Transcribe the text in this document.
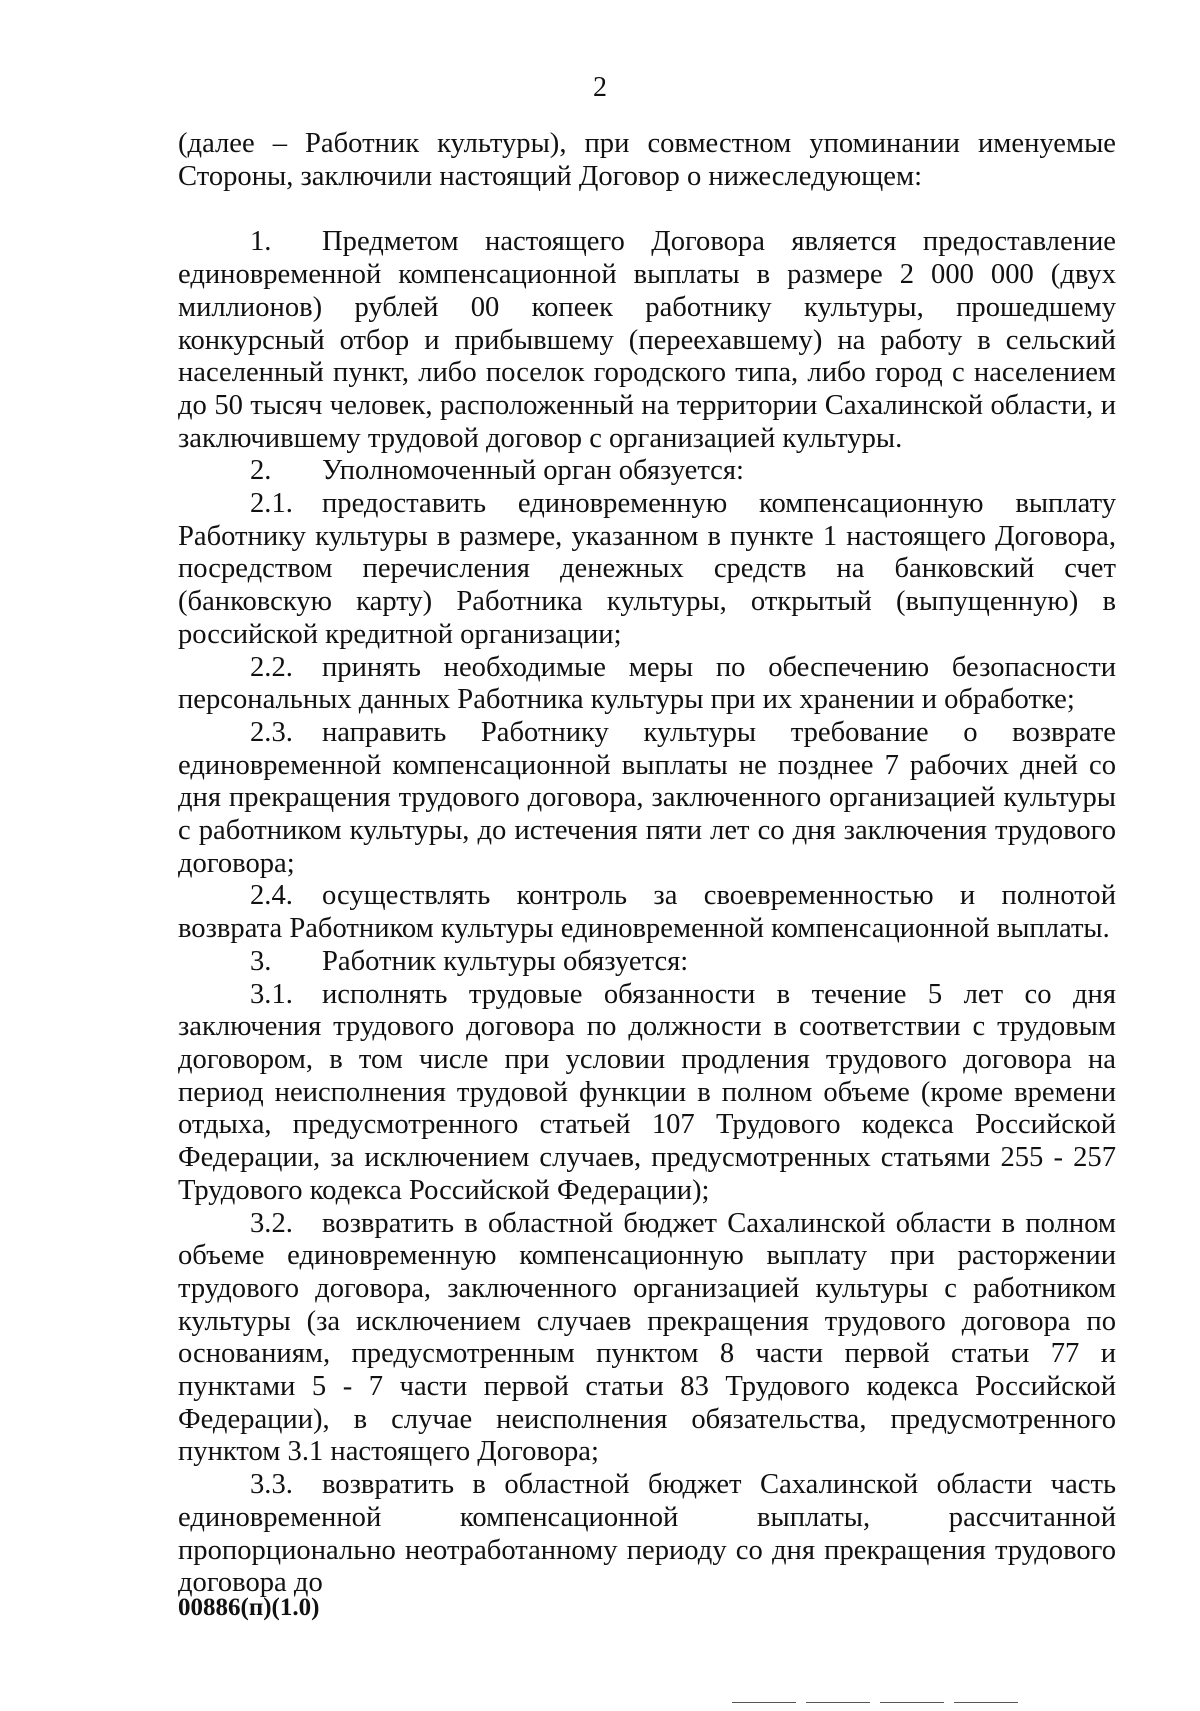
2

(далее – Работник культуры), при совместном упоминании именуемые Стороны, заключили настоящий Договор о нижеследующем:

1. Предметом настоящего Договора является предоставление единовременной компенсационной выплаты в размере 2 000 000 (двух миллионов) рублей 00 копеек работнику культуры, прошедшему конкурсный отбор и прибывшему (переехавшему) на работу в сельский населенный пункт, либо поселок городского типа, либо город с населением до 50 тысяч человек, расположенный на территории Сахалинской области, и заключившему трудовой договор с организацией культуры.

2. Уполномоченный орган обязуется:

2.1. предоставить единовременную компенсационную выплату Работнику культуры в размере, указанном в пункте 1 настоящего Договора, посредством перечисления денежных средств на банковский счет (банковскую карту) Работника культуры, открытый (выпущенную) в российской кредитной организации;

2.2. принять необходимые меры по обеспечению безопасности персональных данных Работника культуры при их хранении и обработке;

2.3. направить Работнику культуры требование о возврате единовременной компенсационной выплаты не позднее 7 рабочих дней со дня прекращения трудового договора, заключенного организацией культуры с работником культуры, до истечения пяти лет со дня заключения трудового договора;

2.4. осуществлять контроль за своевременностью и полнотой возврата Работником культуры единовременной компенсационной выплаты.

3. Работник культуры обязуется:

3.1. исполнять трудовые обязанности в течение 5 лет со дня заключения трудового договора по должности в соответствии с трудовым договором, в том числе при условии продления трудового договора на период неисполнения трудовой функции в полном объеме (кроме времени отдыха, предусмотренного статьей 107 Трудового кодекса Российской Федерации, за исключением случаев, предусмотренных статьями 255 - 257 Трудового кодекса Российской Федерации);

3.2. возвратить в областной бюджет Сахалинской области в полном объеме единовременную компенсационную выплату при расторжении трудового договора, заключенного организацией культуры с работником культуры (за исключением случаев прекращения трудового договора по основаниям, предусмотренным пунктом 8 части первой статьи 77 и пунктами 5 - 7 части первой статьи 83 Трудового кодекса Российской Федерации), в случае неисполнения обязательства, предусмотренного пунктом 3.1 настоящего Договора;

3.3. возвратить в областной бюджет Сахалинской области часть единовременной компенсационной выплаты, рассчитанной пропорционально неотработанному периоду со дня прекращения трудового договора до

00886(п)(1.0)
